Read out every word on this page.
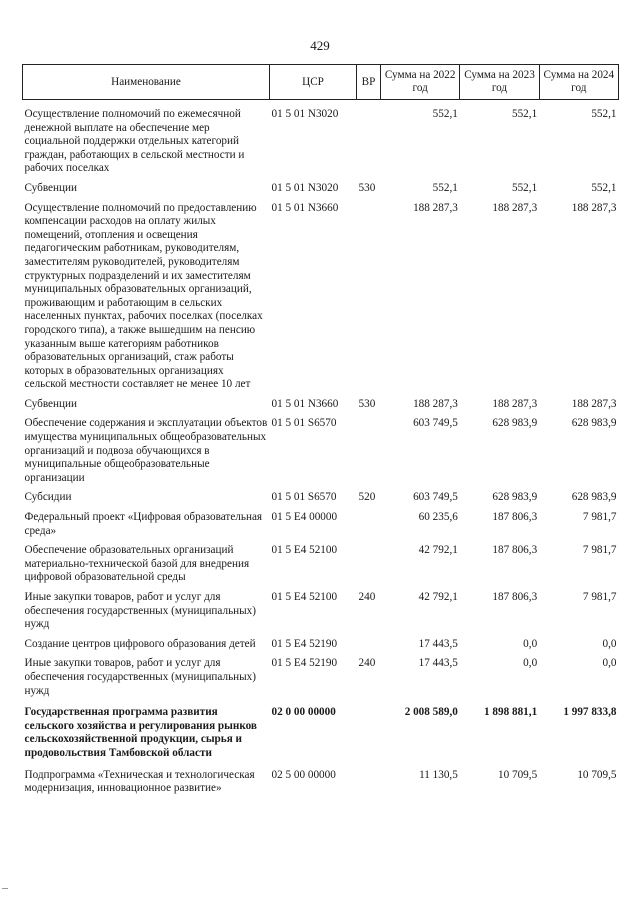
429
Наименование	ЦСР	ВР	Сумма на 2022 год	Сумма на 2023 год	Сумма на 2024 год
Осуществление полномочий по ежемесячной денежной выплате на обеспечение мер социальной поддержки отдельных категорий граждан, работающих в сельской местности и рабочих поселках	01 5 01 N3020		552,1	552,1	552,1
Субвенции	01 5 01 N3020	530	552,1	552,1	552,1
Осуществление полномочий по предоставлению компенсации расходов на оплату жилых помещений, отопления и освещения педагогическим работникам, руководителям, заместителям руководителей, руководителям структурных подразделений и их заместителям муниципальных образовательных организаций, проживающим и работающим в сельских населенных пунктах, рабочих поселках (поселках городского типа), а также вышедшим на пенсию указанным выше категориям работников образовательных организаций, стаж работы которых в образовательных организациях сельской местности составляет не менее 10 лет	01 5 01 N3660		188 287,3	188 287,3	188 287,3
Субвенции	01 5 01 N3660	530	188 287,3	188 287,3	188 287,3
Обеспечение содержания и эксплуатации объектов имущества муниципальных общеобразовательных организаций и подвоза обучающихся в муниципальные общеобразовательные организации	01 5 01 S6570		603 749,5	628 983,9	628 983,9
Субсидии	01 5 01 S6570	520	603 749,5	628 983,9	628 983,9
Федеральный проект «Цифровая образовательная среда»	01 5 E4 00000		60 235,6	187 806,3	7 981,7
Обеспечение образовательных организаций материально-технической базой для внедрения цифровой образовательной среды	01 5 E4 52100		42 792,1	187 806,3	7 981,7
Иные закупки товаров, работ и услуг для обеспечения государственных (муниципальных) нужд	01 5 E4 52100	240	42 792,1	187 806,3	7 981,7
Создание центров цифрового образования детей	01 5 E4 52190		17 443,5	0,0	0,0
Иные закупки товаров, работ и услуг для обеспечения государственных (муниципальных) нужд	01 5 E4 52190	240	17 443,5	0,0	0,0
Государственная программа развития сельского хозяйства и регулирования рынков сельскохозяйственной продукции, сырья и продовольствия Тамбовской области	02 0 00 00000		2 008 589,0	1 898 881,1	1 997 833,8
Подпрограмма «Техническая и технологическая модернизация, инновационное развитие»	02 5 00 00000		11 130,5	10 709,5	10 709,5
